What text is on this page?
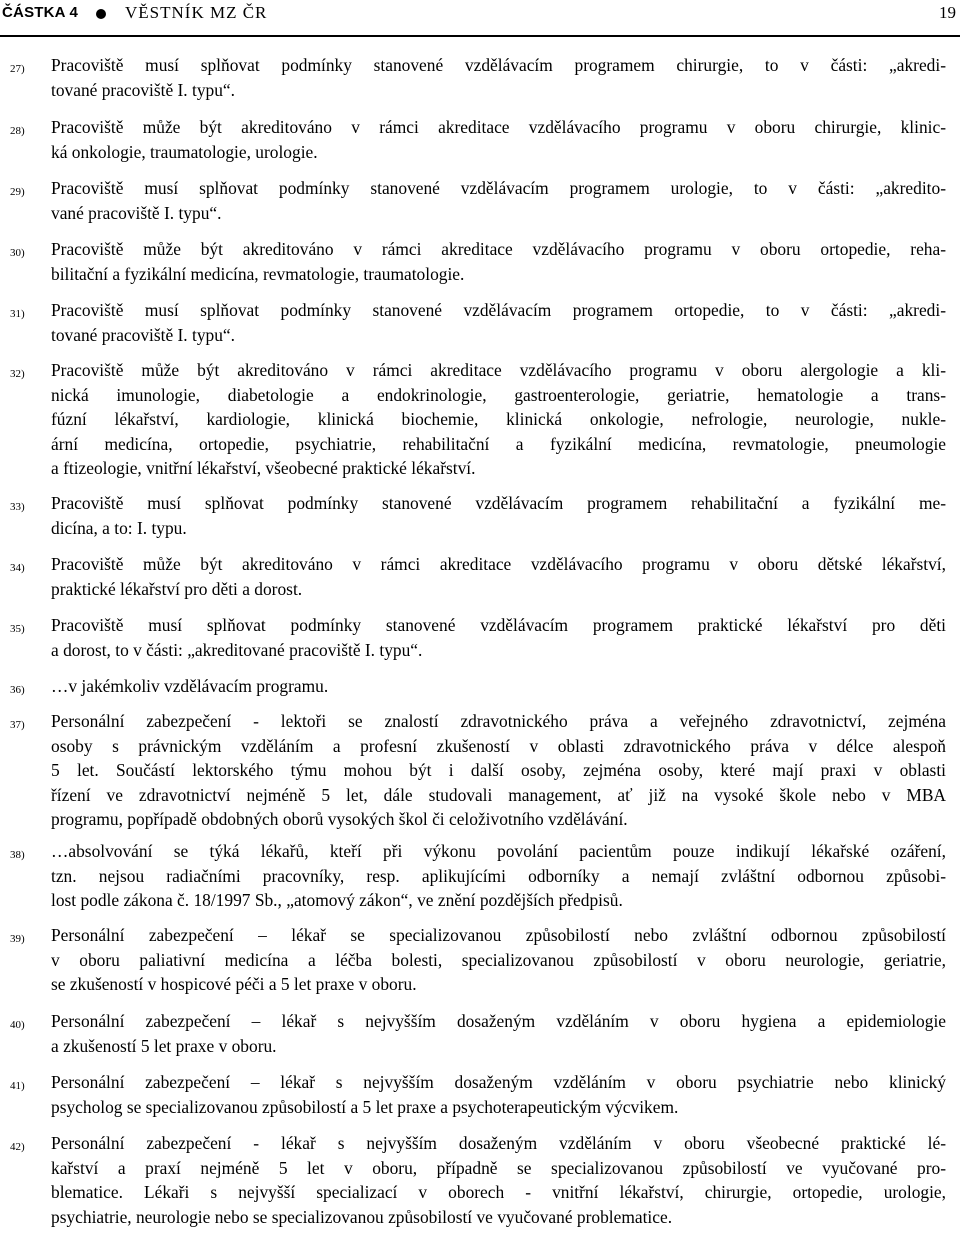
ČÁSTKA 4	VĚSTNÍK MZ ČR	19
27) Pracoviště musí splňovat podmínky stanovené vzdělávacím programem chirurgie, to v části: „akredi-
tované pracoviště I. typu“.
28) Pracoviště může být akreditováno v rámci akreditace vzdělávacího programu v oboru chirurgie, klinic-
ká onkologie, traumatologie, urologie.
29) Pracoviště musí splňovat podmínky stanovené vzdělávacím programem urologie, to v části: „akreditо-
vané pracoviště I. typu“.
30) Pracoviště může být akreditováno v rámci akreditace vzdělávacího programu v oboru ortopedie, reha-
bilitační a fyzikální medicína, revmatologie, traumatologie.
31) Pracoviště musí splňovat podmínky stanovené vzdělávacím programem ortopedie, to v části: „akredi-
tované pracoviště I. typu“.
32) Pracoviště může být akreditováno v rámci akreditace vzdělávacího programu v oboru alergologie a kli-
nická imunologie, diabetologie a endokrinologie, gastroenterologie, geriatrie, hematologie a trans-
fúzní lékařství, kardiologie, klinická biochemie, klinická onkologie, nefrologie, neurologie, nukle-
ární medicína, ortopedie, psychiatrie, rehabilitační a fyzikální medicína, revmatologie, pneumologie
a ftizeologie, vnitřní lékařství, všeobecné praktické lékařství.
33) Pracoviště musí splňovat podmínky stanovené vzdělávacím programem rehabilitační a fyzikální me-
dicína, a to: I. typu.
34) Pracoviště může být akreditováno v rámci akreditace vzdělávacího programu v oboru dětské lékařství,
praktické lékařství pro děti a dorost.
35) Pracoviště musí splňovat podmínky stanovené vzdělávacím programem praktické lékařství pro děti
a dorost, to v části: „akreditované pracoviště I. typu“.
36) …v jakémkoliv vzdělávacím programu.
37) Personální zabezpečení - lektoři se znalostí zdravotnického práva a veřejného zdravotnictví, zejména
osoby s právnickým vzděláním a profesní zkušeností v oblasti zdravotnického práva v délce alespoň
5 let. Součástí lektorského týmu mohou být i další osoby, zejména osoby, které mají praxi v oblasti
řízení ve zdravotnictví nejméně 5 let, dále studovali management, ať již na vysoké škole nebo v MBA
programu, popřípadě obdobných oborů vysokých škol či celoživotního vzdělávání.
38) …absolvování se týká lékařů, kteří při výkonu povolání pacientům pouze indikují lékařské ozáření,
tzn. nejsou radiačními pracovníky, resp. aplikujícími odborníky a nemají zvláštní odbornou způsobi-
lost podle zákona č. 18/1997 Sb., „atomový zákon“, ve znění pozdějších předpisů.
39) Personální zabezpečení – lékař se specializovanou způsobilostí nebo zvláštní odbornou způsobilostí
v oboru paliativní medicína a léčba bolesti, specializovanou způsobilostí v oboru neurologie, geriatrie,
se zkušeností v hospicové péči a 5 let praxe v oboru.
40) Personální zabezpečení – lékař s nejvyšším dosaženým vzděláním v oboru hygiena a epidemiologie
a zkušeností 5 let praxe v oboru.
41) Personální zabezpečení – lékař s nejvyšším dosaženým vzděláním v oboru psychiatrie nebo klinický
psycholog se specializovanou způsobilostí a 5 let praxe a psychoterapeutickým výcvikem.
42) Personální zabezpečení - lékař s nejvyšším dosaženým vzděláním v oboru všeobecné praktické lé-
kařství a praxí nejméně 5 let v oboru, případně se specializovanou způsobilostí ve vyučované pro-
blematice. Lékaři s nejvyšší specializací v oborech - vnitřní lékařství, chirurgie, ortopedie, urologie,
psychiatrie, neurologie nebo se specializovanou způsobilostí ve vyučované problematice.
